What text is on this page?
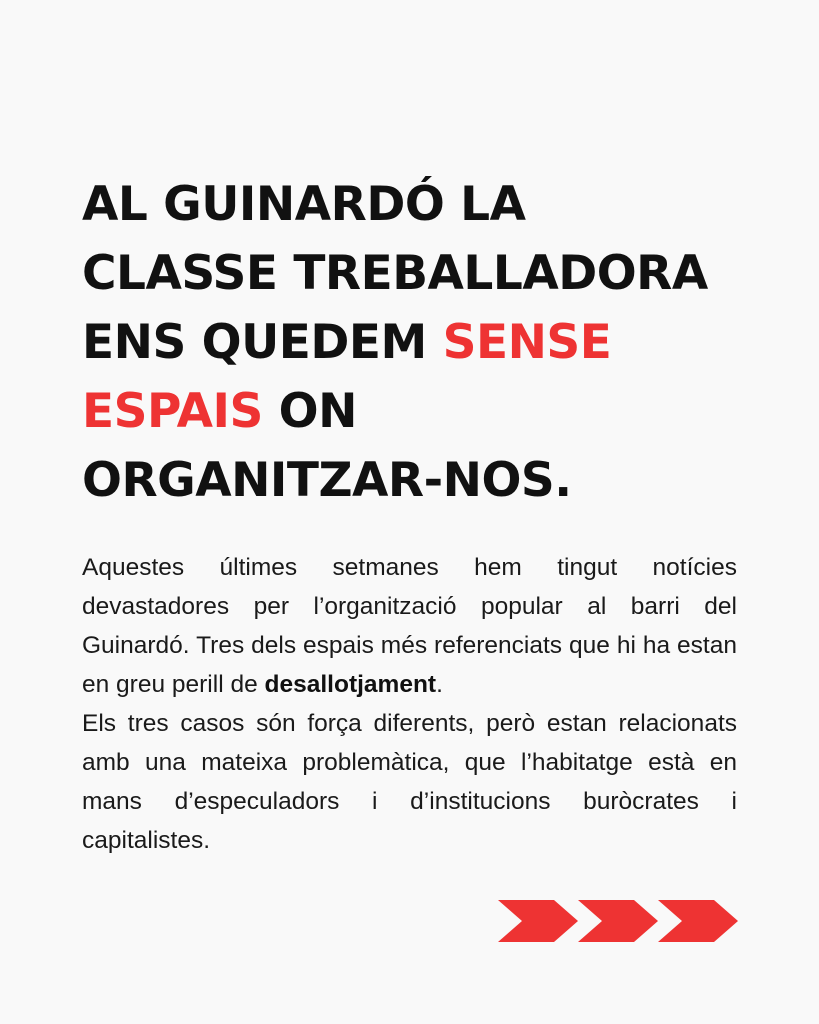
AL GUINARDÓ LA
CLASSE TREBALLADORA
ENS QUEDEM SENSE
ESPAIS ON
ORGANITZAR-NOS.

Aquestes últimes setmanes hem tingut notícies devastadores per l’organització popular al barri del Guinardó. Tres dels espais més referenciats que hi ha estan en greu perill de desallotjament.

Els tres casos són força diferents, però estan relacionats amb una mateixa problemàtica, que l’habitatge està en mans d’especuladors i d’institucions buròcrates i capitalistes.
